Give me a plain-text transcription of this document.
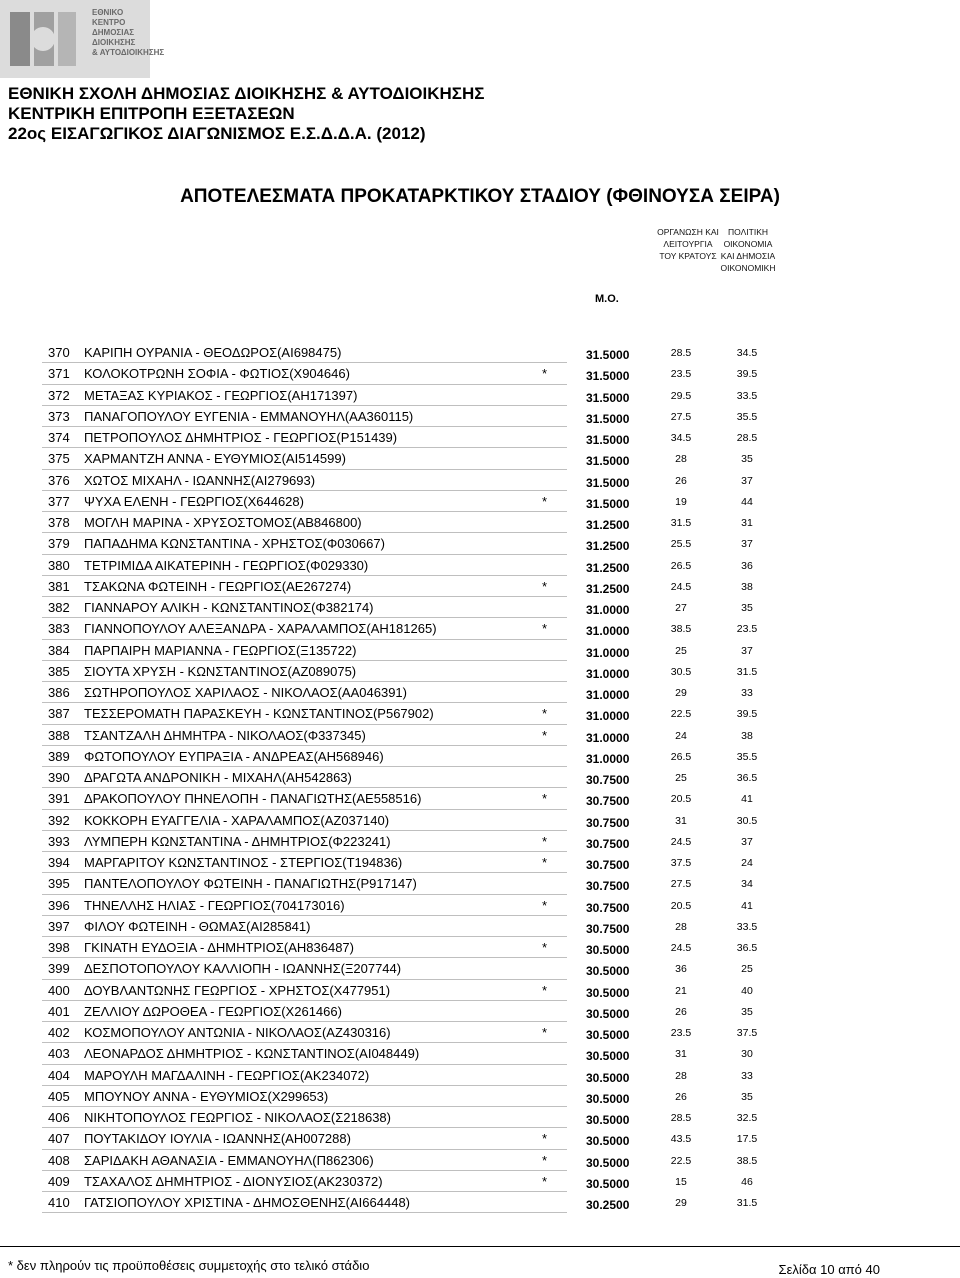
ΕΘΝΙΚΟ
ΚΕΝΤΡΟ
ΔΗΜΟΣΙΑΣ
ΔΙΟΙΚΗΣΗΣ
& ΑΥΤΟΔΙΟΙΚΗΣΗΣ
ΕΘΝΙΚΗ ΣΧΟΛΗ ΔΗΜΟΣΙΑΣ ΔΙΟΙΚΗΣΗΣ & ΑΥΤΟΔΙΟΙΚΗΣΗΣ
ΚΕΝΤΡΙΚΗ ΕΠΙΤΡΟΠΗ ΕΞΕΤΑΣΕΩΝ
22ος ΕΙΣΑΓΩΓΙΚΟΣ ΔΙΑΓΩΝΙΣΜΟΣ Ε.Σ.Δ.Δ.Α. (2012)
ΑΠΟΤΕΛΕΣΜΑΤΑ ΠΡΟΚΑΤΑΡΚΤΙΚΟΥ ΣΤΑΔΙΟΥ (ΦΘΙΝΟΥΣΑ ΣΕΙΡΑ)
ΟΡΓΑΝΩΣΗ ΚΑΙ
ΛΕΙΤΟΥΡΓΙΑ
ΤΟΥ ΚΡΑΤΟΥΣ
ΠΟΛΙΤΙΚΗ
ΟΙΚΟΝΟΜΙΑ
ΚΑΙ ΔΗΜΟΣΙΑ
ΟΙΚΟΝΟΜΙΚΗ
Μ.Ο.
370	ΚΑΡΙΠΗ ΟΥΡΑΝΙΑ - ΘΕΟΔΩΡΟΣ(ΑΙ698475)	31.5000	28.5	34.5
371	ΚΟΛΟΚΟΤΡΩΝΗ ΣΟΦΙΑ - ΦΩΤΙΟΣ(Χ904646)	*	31.5000	23.5	39.5
372	ΜΕΤΑΞΑΣ ΚΥΡΙΑΚΟΣ - ΓΕΩΡΓΙΟΣ(ΑΗ171397)	31.5000	29.5	33.5
373	ΠΑΝΑΓΟΠΟΥΛΟΥ ΕΥΓΕΝΙΑ - ΕΜΜΑΝΟΥΗΛ(ΑΑ360115)	31.5000	27.5	35.5
374	ΠΕΤΡΟΠΟΥΛΟΣ ΔΗΜΗΤΡΙΟΣ - ΓΕΩΡΓΙΟΣ(Ρ151439)	31.5000	34.5	28.5
375	ΧΑΡΜΑΝΤΖΗ ΑΝΝΑ - ΕΥΘΥΜΙΟΣ(ΑΙ514599)	31.5000	28	35
376	ΧΩΤΟΣ ΜΙΧΑΗΛ - ΙΩΑΝΝΗΣ(ΑΙ279693)	31.5000	26	37
377	ΨΥΧΑ ΕΛΕΝΗ - ΓΕΩΡΓΙΟΣ(Χ644628)	*	31.5000	19	44
378	ΜΟΓΛΗ ΜΑΡΙΝΑ - ΧΡΥΣΟΣΤΟΜΟΣ(ΑΒ846800)	31.2500	31.5	31
379	ΠΑΠΑΔΗΜΑ ΚΩΝΣΤΑΝΤΙΝΑ - ΧΡΗΣΤΟΣ(Φ030667)	31.2500	25.5	37
380	ΤΕΤΡΙΜΙΔΑ ΑΙΚΑΤΕΡΙΝΗ - ΓΕΩΡΓΙΟΣ(Φ029330)	31.2500	26.5	36
381	ΤΣΑΚΩΝΑ ΦΩΤΕΙΝΗ - ΓΕΩΡΓΙΟΣ(ΑΕ267274)	*	31.2500	24.5	38
382	ΓΙΑΝΝΑΡΟΥ ΑΛΙΚΗ - ΚΩΝΣΤΑΝΤΙΝΟΣ(Φ382174)	31.0000	27	35
383	ΓΙΑΝΝΟΠΟΥΛΟΥ ΑΛΕΞΑΝΔΡΑ - ΧΑΡΑΛΑΜΠΟΣ(ΑΗ181265)	*	31.0000	38.5	23.5
384	ΠΑΡΠΑΙΡΗ ΜΑΡΙΑΝΝΑ - ΓΕΩΡΓΙΟΣ(Ξ135722)	31.0000	25	37
385	ΣΙΟΥΤΑ ΧΡΥΣΗ - ΚΩΝΣΤΑΝΤΙΝΟΣ(ΑΖ089075)	31.0000	30.5	31.5
386	ΣΩΤΗΡΟΠΟΥΛΟΣ ΧΑΡΙΛΑΟΣ - ΝΙΚΟΛΑΟΣ(ΑΑ046391)	31.0000	29	33
387	ΤΕΣΣΕΡΟΜΑΤΗ ΠΑΡΑΣΚΕΥΗ - ΚΩΝΣΤΑΝΤΙΝΟΣ(Ρ567902)	*	31.0000	22.5	39.5
388	ΤΣΑΝΤΖΑΛΗ ΔΗΜΗΤΡΑ - ΝΙΚΟΛΑΟΣ(Φ337345)	*	31.0000	24	38
389	ΦΩΤΟΠΟΥΛΟΥ ΕΥΠΡΑΞΙΑ - ΑΝΔΡΕΑΣ(ΑΗ568946)	31.0000	26.5	35.5
390	ΔΡΑΓΩΤΑ ΑΝΔΡΟΝΙΚΗ - ΜΙΧΑΗΛ(ΑΗ542863)	30.7500	25	36.5
391	ΔΡΑΚΟΠΟΥΛΟΥ ΠΗΝΕΛΟΠΗ - ΠΑΝΑΓΙΩΤΗΣ(ΑΕ558516)	*	30.7500	20.5	41
392	ΚΟΚΚΟΡΗ ΕΥΑΓΓΕΛΙΑ - ΧΑΡΑΛΑΜΠΟΣ(ΑΖ037140)	30.7500	31	30.5
393	ΛΥΜΠΕΡΗ ΚΩΝΣΤΑΝΤΙΝΑ - ΔΗΜΗΤΡΙΟΣ(Φ223241)	*	30.7500	24.5	37
394	ΜΑΡΓΑΡΙΤΟΥ ΚΩΝΣΤΑΝΤΙΝΟΣ - ΣΤΕΡΓΙΟΣ(Τ194836)	*	30.7500	37.5	24
395	ΠΑΝΤΕΛΟΠΟΥΛΟΥ ΦΩΤΕΙΝΗ - ΠΑΝΑΓΙΩΤΗΣ(Ρ917147)	30.7500	27.5	34
396	ΤΗΝΕΛΛΗΣ ΗΛΙΑΣ - ΓΕΩΡΓΙΟΣ(704173016)	*	30.7500	20.5	41
397	ΦΙΛΟΥ ΦΩΤΕΙΝΗ - ΘΩΜΑΣ(ΑΙ285841)	30.7500	28	33.5
398	ΓΚΙΝΑΤΗ ΕΥΔΟΞΙΑ - ΔΗΜΗΤΡΙΟΣ(ΑΗ836487)	*	30.5000	24.5	36.5
399	ΔΕΣΠΟΤΟΠΟΥΛΟΥ ΚΑΛΛΙΟΠΗ - ΙΩΑΝΝΗΣ(Ξ207744)	30.5000	36	25
400	ΔΟΥΒΛΑΝΤΩΝΗΣ ΓΕΩΡΓΙΟΣ - ΧΡΗΣΤΟΣ(Χ477951)	*	30.5000	21	40
401	ΖΕΛΛΙΟΥ ΔΩΡΟΘΕΑ - ΓΕΩΡΓΙΟΣ(Χ261466)	30.5000	26	35
402	ΚΟΣΜΟΠΟΥΛΟΥ ΑΝΤΩΝΙΑ - ΝΙΚΟΛΑΟΣ(ΑΖ430316)	*	30.5000	23.5	37.5
403	ΛΕΟΝΑΡΔΟΣ ΔΗΜΗΤΡΙΟΣ - ΚΩΝΣΤΑΝΤΙΝΟΣ(ΑΙ048449)	30.5000	31	30
404	ΜΑΡΟΥΛΗ ΜΑΓΔΑΛΙΝΗ - ΓΕΩΡΓΙΟΣ(ΑΚ234072)	30.5000	28	33
405	ΜΠΟΥΝΟΥ ΑΝΝΑ - ΕΥΘΥΜΙΟΣ(Χ299653)	30.5000	26	35
406	ΝΙΚΗΤΟΠΟΥΛΟΣ ΓΕΩΡΓΙΟΣ - ΝΙΚΟΛΑΟΣ(Σ218638)	30.5000	28.5	32.5
407	ΠΟΥΤΑΚΙΔΟΥ ΙΟΥΛΙΑ - ΙΩΑΝΝΗΣ(ΑΗ007288)	*	30.5000	43.5	17.5
408	ΣΑΡΙΔΑΚΗ ΑΘΑΝΑΣΙΑ - ΕΜΜΑΝΟΥΗΛ(Π862306)	*	30.5000	22.5	38.5
409	ΤΣΑΧΑΛΟΣ ΔΗΜΗΤΡΙΟΣ - ΔΙΟΝΥΣΙΟΣ(ΑΚ230372)	*	30.5000	15	46
410	ΓΑΤΣΙΟΠΟΥΛΟΥ ΧΡΙΣΤΙΝΑ - ΔΗΜΟΣΘΕΝΗΣ(ΑΙ664448)	30.2500	29	31.5
* δεν πληρούν τις προϋποθέσεις συμμετοχής στο τελικό στάδιο	Σελίδα 10 από 40
